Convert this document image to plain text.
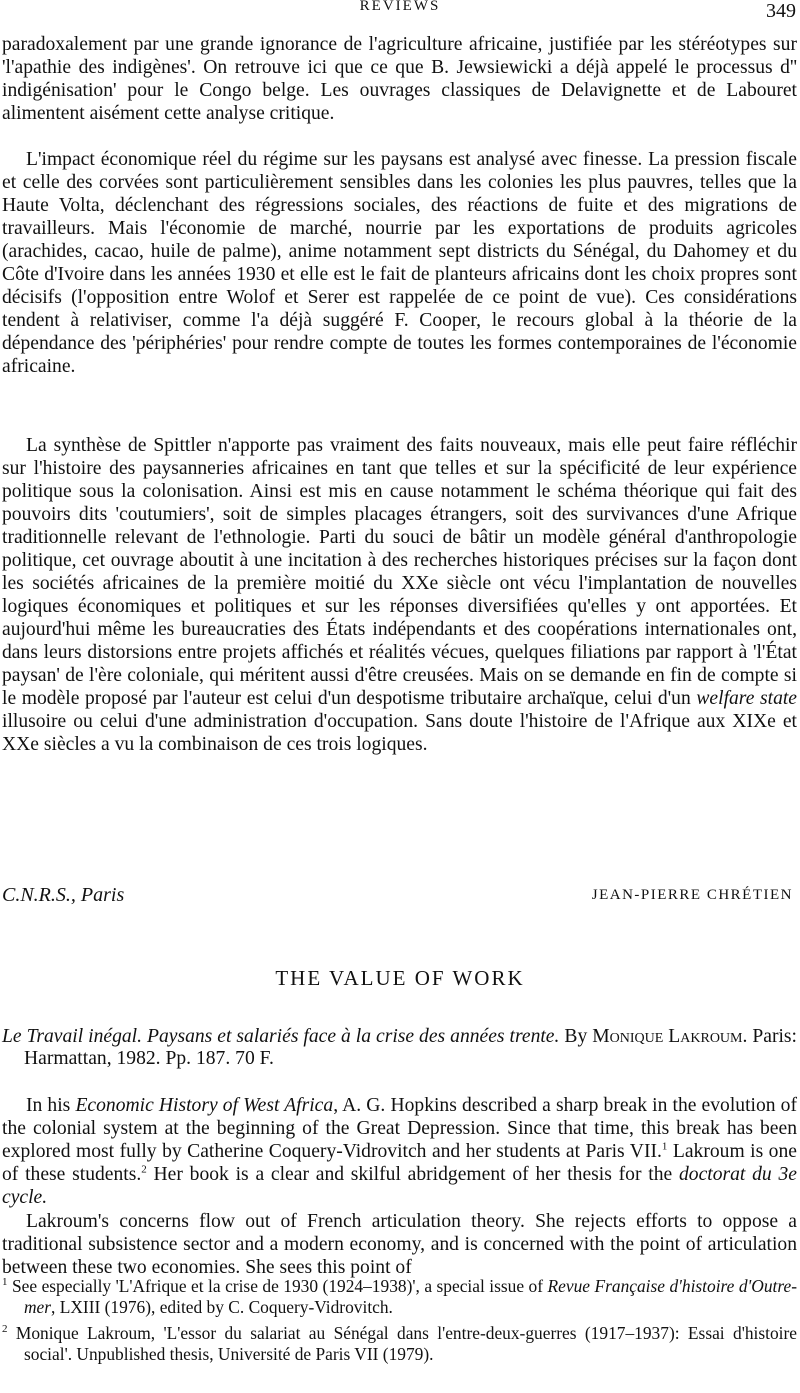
REVIEWS	349

paradoxalement par une grande ignorance de l'agriculture africaine, justifiée par les stéréotypes sur 'l'apathie des indigènes'. On retrouve ici que ce que B. Jewsiewicki a déjà appelé le processus d'' indigénisation' pour le Congo belge. Les ouvrages classiques de Delavignette et de Labouret alimentent aisément cette analyse critique.

L'impact économique réel du régime sur les paysans est analysé avec finesse. La pression fiscale et celle des corvées sont particulièrement sensibles dans les colonies les plus pauvres, telles que la Haute Volta, déclenchant des régressions sociales, des réactions de fuite et des migrations de travailleurs. Mais l'économie de marché, nourrie par les exportations de produits agricoles (arachides, cacao, huile de palme), anime notamment sept districts du Sénégal, du Dahomey et du Côte d'Ivoire dans les années 1930 et elle est le fait de planteurs africains dont les choix propres sont décisifs (l'opposition entre Wolof et Serer est rappelée de ce point de vue). Ces considérations tendent à relativiser, comme l'a déjà suggéré F. Cooper, le recours global à la théorie de la dépendance des 'périphéries' pour rendre compte de toutes les formes contemporaines de l'économie africaine.

La synthèse de Spittler n'apporte pas vraiment des faits nouveaux, mais elle peut faire réfléchir sur l'histoire des paysanneries africaines en tant que telles et sur la spécificité de leur expérience politique sous la colonisation. Ainsi est mis en cause notamment le schéma théorique qui fait des pouvoirs dits 'coutumiers', soit de simples placages étrangers, soit des survivances d'une Afrique traditionnelle relevant de l'ethnologie. Parti du souci de bâtir un modèle général d'anthropologie politique, cet ouvrage aboutit à une incitation à des recherches historiques précises sur la façon dont les sociétés africaines de la première moitié du XXe siècle ont vécu l'implantation de nouvelles logiques économiques et politiques et sur les réponses diversifiées qu'elles y ont apportées. Et aujourd'hui même les bureaucraties des États indépendants et des coopérations internationales ont, dans leurs distorsions entre projets affichés et réalités vécues, quelques filiations par rapport à 'l'État paysan' de l'ère coloniale, qui méritent aussi d'être creusées. Mais on se demande en fin de compte si le modèle proposé par l'auteur est celui d'un despotisme tributaire archaïque, celui d'un welfare state illusoire ou celui d'une administration d'occupation. Sans doute l'histoire de l'Afrique aux XIXe et XXe siècles a vu la combinaison de ces trois logiques.

C.N.R.S., Paris	JEAN-PIERRE CHRÉTIEN
THE VALUE OF WORK

Le Travail inégal. Paysans et salariés face à la crise des années trente. By Monique Lakroum. Paris: Harmattan, 1982. Pp. 187. 70 F.

In his Economic History of West Africa, A. G. Hopkins described a sharp break in the evolution of the colonial system at the beginning of the Great Depression. Since that time, this break has been explored most fully by Catherine Coquery-Vidrovitch and her students at Paris VII.$^1$ Lakroum is one of these students.$^2$ Her book is a clear and skilful abridgement of her thesis for the doctorat du 3e cycle.

Lakroum's concerns flow out of French articulation theory. She rejects efforts to oppose a traditional subsistence sector and a modern economy, and is concerned with the point of articulation between these two economies. She sees this point of

$^1$ See especially 'L'Afrique et la crise de 1930 (1924–1938)', a special issue of Revue Française d'histoire d'Outre-mer, LXIII (1976), edited by C. Coquery-Vidrovitch.

$^2$ Monique Lakroum, 'L'essor du salariat au Sénégal dans l'entre-deux-guerres (1917–1937): Essai d'histoire social'. Unpublished thesis, Université de Paris VII (1979).
